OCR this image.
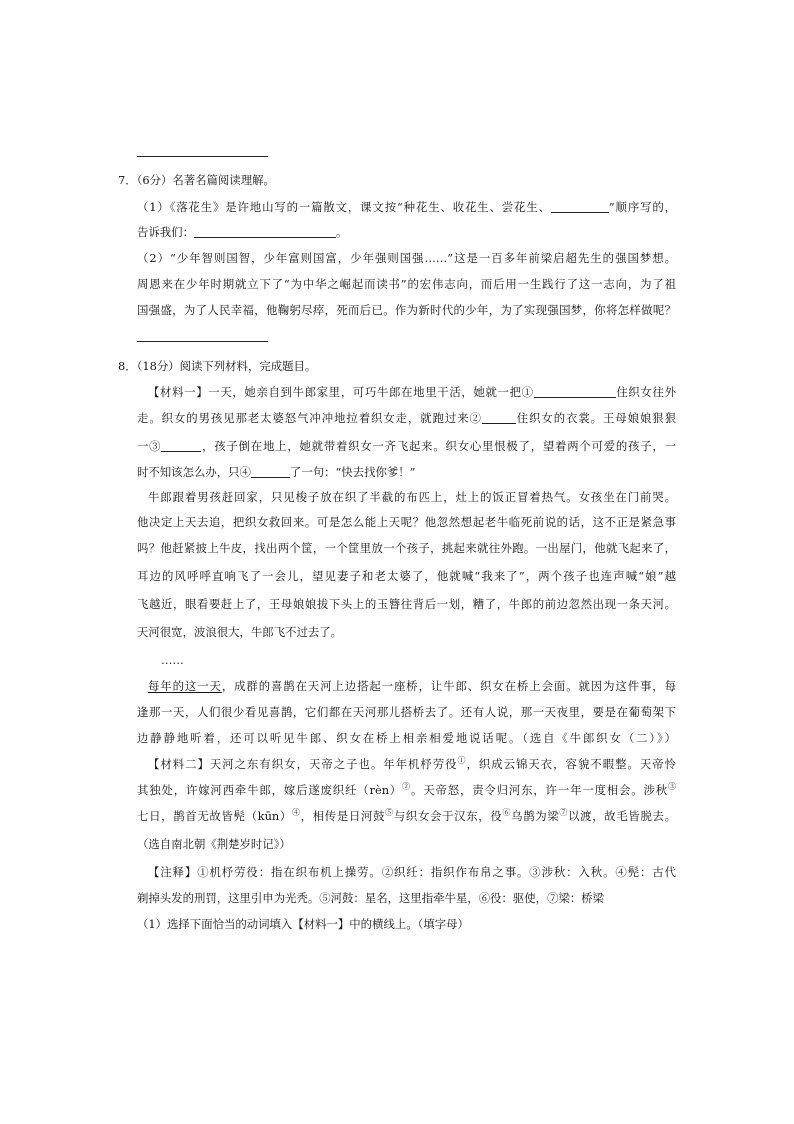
7．（6分）名著名篇阅读理解。
（1）《落花生》是许地山写的一篇散文，课文按“种花生、收花生、尝花生、	”顺序写的，
告诉我们：	。
（2）“少年智则国智，少年富则国富，少年强则国强……”这是一百多年前梁启超先生的强国梦想。
周恩来在少年时期就立下了“为中华之崛起而读书”的宏伟志向，而后用一生践行了这一志向，为了祖
国强盛，为了人民幸福，他鞠躬尽瘁，死而后已。作为新时代的少年，为了实现强国梦，你将怎样做呢？
8．（18分）阅读下列材料，完成题目。
【材料一】一天，她亲自到牛郎家里，可巧牛郎在地里干活，她就一把①	住织女往外
走。织女的男孩见那老太婆怒气冲冲地拉着织女走，就跑过来②	住织女的衣裳。王母娘娘狠狠
一③	，孩子倒在地上，她就带着织女一齐飞起来。织女心里恨极了，望着两个可爱的孩子，一
时不知该怎么办，只④	了一句：“快去找你爹！”
牛郎跟着男孩赶回家，只见梭子放在织了半截的布匹上，灶上的饭正冒着热气。女孩坐在门前哭。
他决定上天去追，把织女救回来。可是怎么能上天呢？他忽然想起老牛临死前说的话，这不正是紧急事
吗？他赶紧披上牛皮，找出两个筐，一个筐里放一个孩子，挑起来就往外跑。一出屋门，他就飞起来了，
耳边的风呼呼直响飞了一会儿，望见妻子和老太婆了，他就喊“我来了”，两个孩子也连声喊“娘”越
飞越近，眼看要赶上了，王母娘娘拔下头上的玉簪往背后一划，糟了，牛郎的前边忽然出现一条天河。
天河很宽，波浪很大，牛郎飞不过去了。
……
每年的这一天，成群的喜鹊在天河上边搭起一座桥，让牛郎、织女在桥上会面。就因为这件事，每
逢那一天，人们很少看见喜鹊，它们都在天河那儿搭桥去了。还有人说，那一天夜里，要是在葡萄架下
边静静地听着，还可以听见牛郎、织女在桥上相亲相爱地说话呢。（选自《牛郎织女（二）》）
【材料二】天河之东有织女，天帝之子也。年年机杼劳役①，织成云锦天衣，容貌不暇整。天帝怜
其独处，许嫁河西牵牛郎，嫁后遂废织纴（rèn）②。天帝怒，责令归河东，许一年一度相会。涉秋③
七日，鹊首无故皆髡（kūn）④，相传是日河鼓⑤与织女会于汉东，役⑥乌鹊为梁⑦以渡，故毛皆脱去。
（选自南北朝《荆楚岁时记》）
【注释】①机杼劳役：指在织布机上操劳。②织纴：指织作布帛之事。③涉秋：入秋。④髡：古代
剃掉头发的刑罚，这里引申为光秃。⑤河鼓：星名，这里指牵牛星，⑥役：驱使，⑦梁：桥梁
（1）选择下面恰当的动词填入【材料一】中的横线上。（填字母）
